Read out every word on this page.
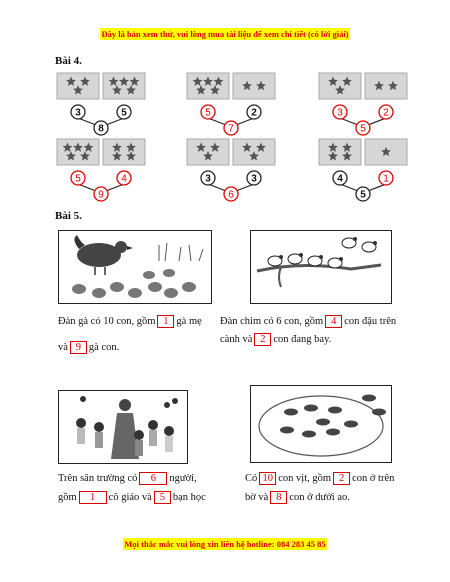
Đây là bản xem thử, vui lòng mua tài liệu để xem chi tiết (có lời giải)
Bài 4.
3	5
8
5	2
7
3	2
5
5	4
9
3	3
6
4	1
5
Bài 5.
Đàn gà có 10 con, gồm 1 gà mẹ
và 9 gà con.
Đàn chim có 6 con, gồm 4 con đậu trên
cành và 2 con đang bay.
Trên sân trường có 6 người,
gồm 1 cô giáo và 5 bạn học
Có 10 con vịt, gồm 2 con ở trên
bờ và 8 con ở dưới ao.
Mọi thắc mắc vui lòng xin liên hệ hotline: 084 283 45 85
